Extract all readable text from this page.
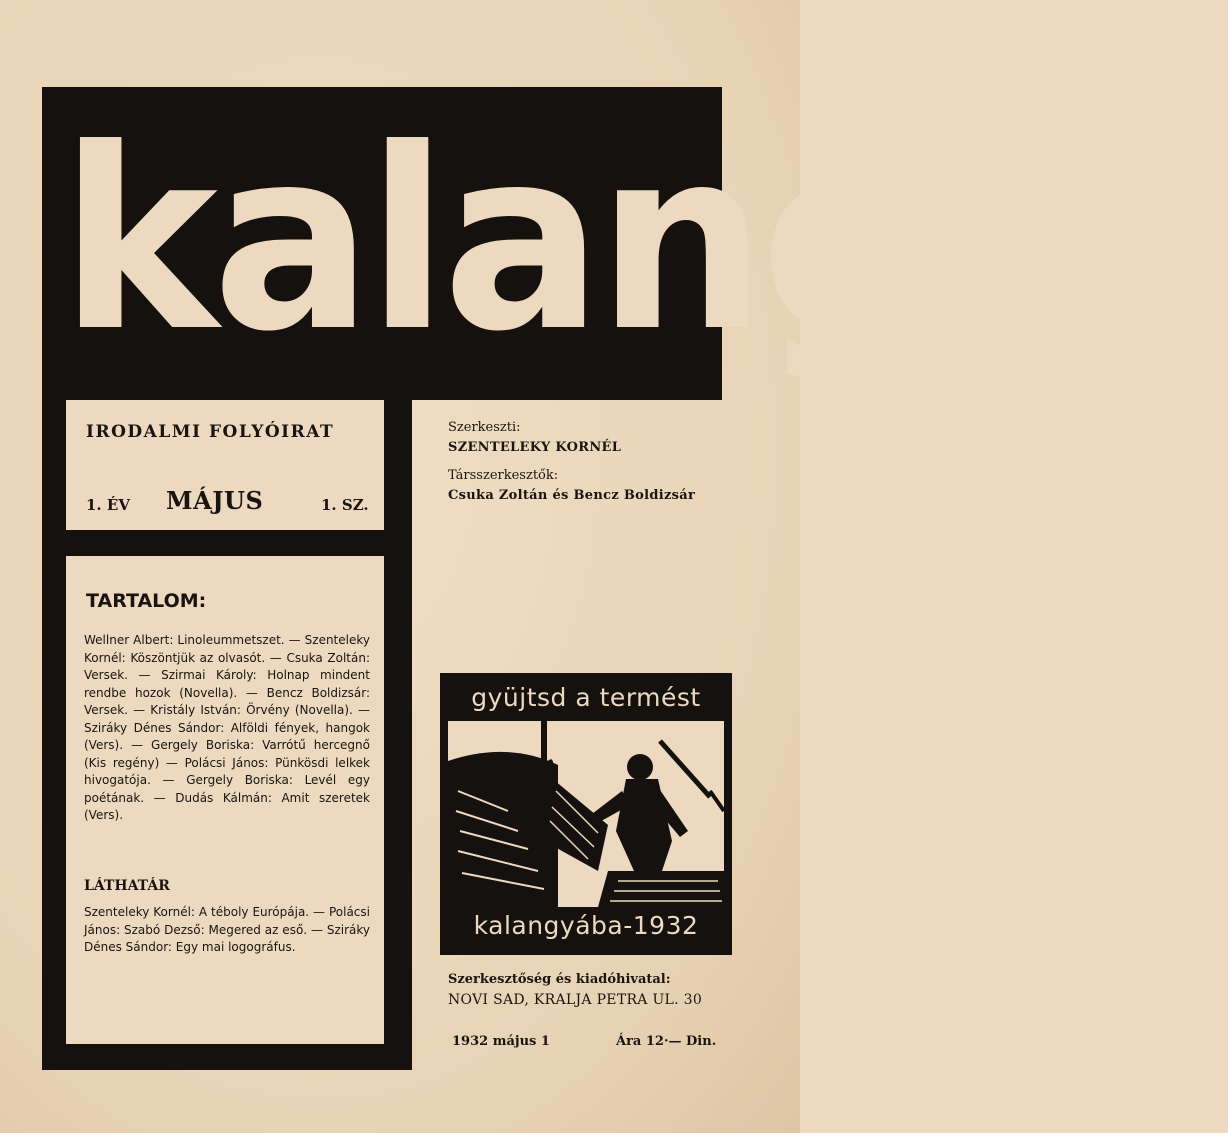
kalangya
IRODALMI FOLYÓIRAT
1. ÉV MÁJUS	1. SZ.
TARTALOM:

Wellner Albert: Linoleummetszet. — Szenteleky Kornél: Köszöntjük az olvasót. — Csuka Zoltán: Versek. — Szirmai Károly: Holnap mindent rendbe hozok (Novella). — Bencz Boldizsár: Versek. — Kristály István: Örvény (Novella). — Sziráky Dénes Sándor: Alföldi fények, hangok (Vers). — Gergely Boriska: Varrótű hercegnő (Kis regény) — Polácsi János: Pünkösdi lelkek hivogatója. — Gergely Boriska: Levél egy poétának. — Dudás Kálmán: Amit szeretek (Vers).

LÁTHATÁR

Szenteleky Kornél: A téboly Európája. — Polácsi János: Szabó Dezső: Megered az eső. — Sziráky Dénes Sándor: Egy mai logográfus.

Szerkeszti:
SZENTELEKY KORNÉL
Társszerkesztők:
Csuka Zoltán és Bencz Boldizsár
gyüjtsd a termést
kalangyába-1932
Szerkesztőség és kiadóhivatal:
NOVI SAD, KRALJA PETRA UL. 30
1932 május 1	Ára 12·— Din.
